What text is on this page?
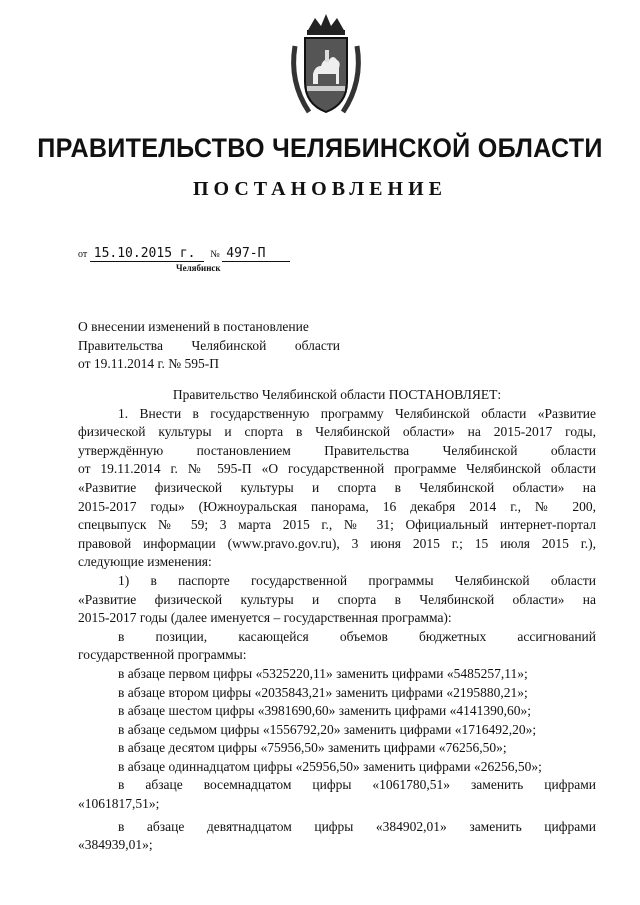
ПРАВИТЕЛЬСТВО ЧЕЛЯБИНСКОЙ ОБЛАСТИ
ПОСТАНОВЛЕНИЕ
от 15.10.2015 г. № 497-П
Челябинск
О внесении изменений в постановление
Правительства Челябинской области
от 19.11.2014 г. № 595-П
Правительство Челябинской области ПОСТАНОВЛЯЕТ:
1. Внести в государственную программу Челябинской области «Развитие
физической культуры и спорта в Челябинской области» на 2015-2017 годы,
утверждённую постановлением Правительства Челябинской области
от 19.11.2014 г. № 595-П «О государственной программе Челябинской области
«Развитие физической культуры и спорта в Челябинской области» на
2015-2017 годы» (Южноуральская панорама, 16 декабря 2014 г., № 200,
спецвыпуск № 59; 3 марта 2015 г., № 31; Официальный интернет-портал
правовой информации (www.pravo.gov.ru), 3 июня 2015 г.; 15 июля 2015 г.),
следующие изменения:
1) в паспорте государственной программы Челябинской области
«Развитие физической культуры и спорта в Челябинской области» на
2015-2017 годы (далее именуется – государственная программа):
в позиции, касающейся объемов бюджетных ассигнований
государственной программы:
в абзаце первом цифры «5325220,11» заменить цифрами «5485257,11»;
в абзаце втором цифры «2035843,21» заменить цифрами «2195880,21»;
в абзаце шестом цифры «3981690,60» заменить цифрами «4141390,60»;
в абзаце седьмом цифры «1556792,20» заменить цифрами «1716492,20»;
в абзаце десятом цифры «75956,50» заменить цифрами «76256,50»;
в абзаце одиннадцатом цифры «25956,50» заменить цифрами «26256,50»;
в абзаце восемнадцатом цифры «1061780,51» заменить цифрами
«1061817,51»;
в абзаце девятнадцатом цифры «384902,01» заменить цифрами
«384939,01»;
